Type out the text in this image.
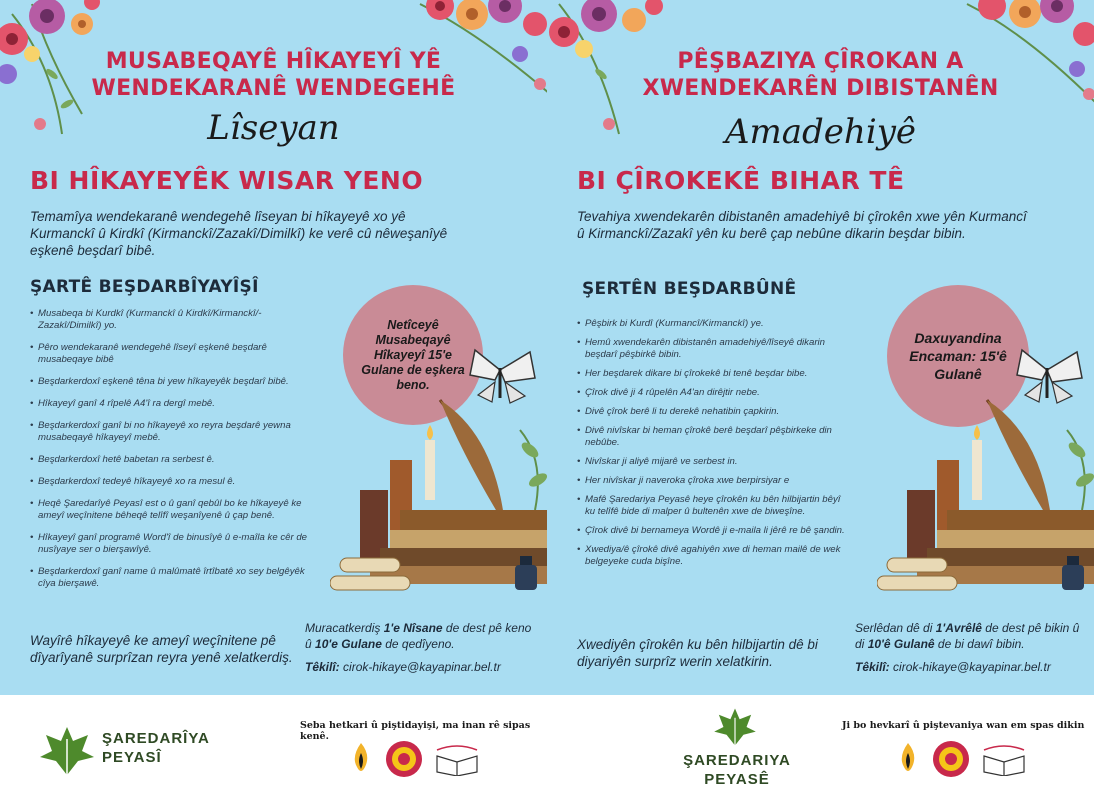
MUSABEQAYÊ HÎKAYEYÎ YÊ
WENDEKARANÊ WENDEGEHÊ
Lîseyan
BI HÎKAYEYÊK WISAR YENO
Temamîya wendekaranê wendegehê lîseyan bi hîkayeyê xo yê Kurmanckî û Kirdkî (Kirmanckî/Zazakî/Dimilkî) ke verê cû nêweşanîyê eşkenê beşdarî bibê.
ŞARTÊ BEŞDARBÎYAYÎŞÎ
• Musabeqa bi Kurdkî (Kurmanckî û Kirdkî/Kirmanckî/-Zazakî/Dimilkî) yo.
• Pêro wendekaranê wendegehê lîseyî eşkenê beşdarê musabeqaye bibê
• Beşdarkerdoxî eşkenê têna bi yew hîkayeyêk beşdarî bibê.
• Hîkayeyî ganî 4 rîpelê A4'î ra dergî mebê.
• Beşdarkerdoxî ganî bi no hîkayeyê xo reyra beşdarê yewna musabeqayê hîkayeyî mebê.
• Beşdarkerdoxî hetê babetan ra serbest ê.
• Beşdarkerdoxî tedeyê hîkayeyê xo ra mesul ê.
• Heqê Şaredarîyê Peyasî est o û ganî qebûl bo ke hîkayeyê ke ameyî weçînitene bêheqê telîfî weşanîyenê û çap benê.
• Hîkayeyî ganî programê Word'î de binusîyê û e-maîla ke cêr de nusîyaye ser o bierşawîyê.
• Beşdarkerdoxî ganî name û malûmatê îrtîbatê xo sey belgêyêk cîya bierşawê.
Netîceyê Musabeqayê Hîkayeyî 15'e Gulane de eşkera beno.
Wayîrê hîkayeyê ke ameyî weçînitene pê dîyarîyanê surprîzan reyra yenê xelatkerdiş.
Muracatkerdiş 1'e Nîsane de dest pê keno û 10'e Gulane de qedîyeno.
Têkilî: cirok-hikaye@kayapinar.bel.tr
ŞAREDARÎYA
PEYASÎ
Seba hetkari û piştidayişi, ma inan rê sipas kenê.
PÊŞBAZIYA ÇÎROKAN A
XWENDEKARÊN DIBISTANÊN
Amadehiyê
BI ÇÎROKEKÊ BIHAR TÊ
Tevahiya xwendekarên dibistanên amadehiyê bi çîrokên xwe yên Kurmancî û Kirmanckî/Zazakî yên ku berê çap nebûne dikarin beşdar bibin.
ŞERTÊN BEŞDARBÛNÊ
• Pêşbirk bi Kurdî (Kurmancî/Kirmanckî) ye.
• Hemû xwendekarên dibistanên amadehiyê/lîseyê dikarin beşdarî pêşbirkê bibin.
• Her beşdarek dikare bi çîrokekê bi tenê beşdar bibe.
• Çîrok divê ji 4 rûpelên A4'an dirêjtir nebe.
• Divê çîrok berê li tu derekê nehatibin çapkirin.
• Divê nivîskar bi heman çîrokê berê beşdarî pêşbirkeke din nebûbe.
• Nivîskar ji aliyê mijarê ve serbest in.
• Her nivîskar ji naveroka çîroka xwe berpirsiyar e
• Mafê Şaredariya Peyasê heye çîrokên ku bên hilbijartin bêyî ku telîfê bide di malper û bultenên xwe de biweşîne.
• Çîrok divê bi bernameya Wordê ji e-maila li jêrê re bê şandin.
• Xwediya/ê çîrokê divê agahiyên xwe di heman mailê de wek belgeyeke cuda bişîne.
Daxuyandina Encaman: 15'ê Gulanê
Xwediyên çîrokên ku bên hilbijartin dê bi diyariyên surprîz werin xelatkirin.
Serlêdan dê di 1'Avrêlê de dest pê bikin û di 10'ê Gulanê de bi dawî bibin.
Têkilî: cirok-hikaye@kayapinar.bel.tr
ŞAREDARIYA
PEYASÊ
Ji bo hevkarî û piştevaniya wan em spas dikin
